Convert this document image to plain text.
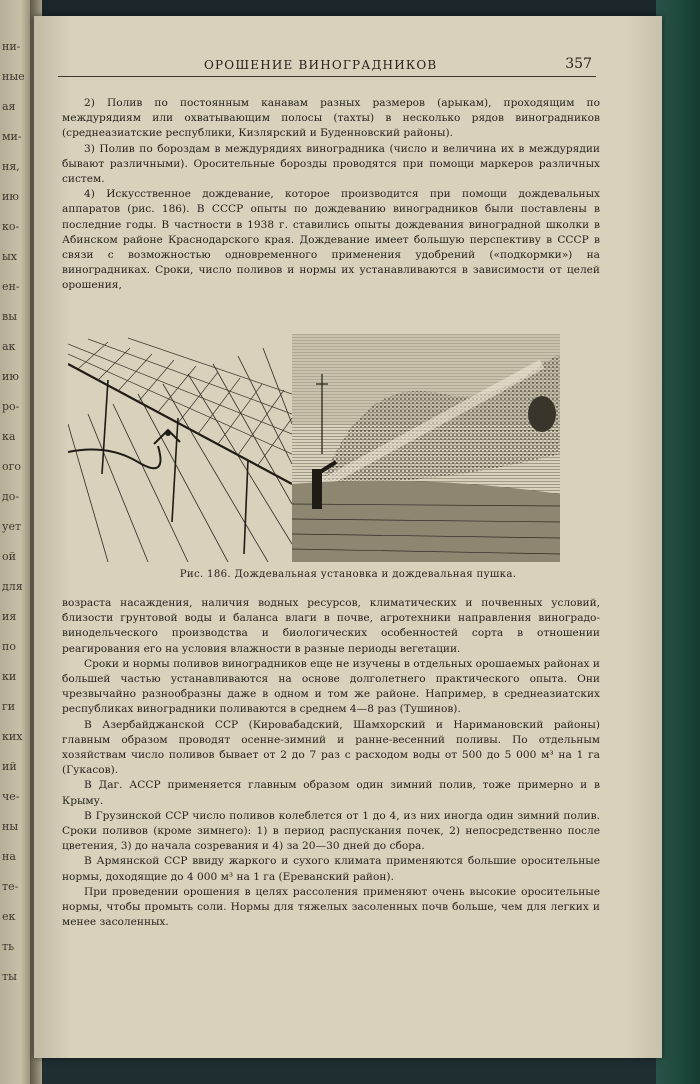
ни-
ные
ая
ми-
ня,
ию
ко-
ых
ен-
вы
ак
ию
ро-
ка
ого
до-
ует
ой
для
ия
по
ки
ги
ких
ий
че-
ны
на
те-
ек
ть
ты
ОРОШЕНИЕ ВИНОГРАДНИКОВ	357

2) Полив по постоянным канавам разных размеров (арыкам), проходящим по междурядиям или охватывающим полосы (тахты) в несколько рядов виноградников (среднеазиатские республики, Кизлярский и Буденновский районы).

3) Полив по бороздам в междурядиях виноградника (число и величина их в междурядии бывают различными). Оросительные борозды проводятся при помощи маркеров различных систем.

4) Искусственное дождевание, которое производится при помощи дождевальных аппаратов (рис. 186). В СССР опыты по дождеванию виноградников были поставлены в последние годы. В частности в 1938 г. ставились опыты дождевания виноградной школки в Абинском районе Краснодарского края. Дождевание имеет большую перспективу в СССР в связи с возможностью одновременного применения удобрений («подкормки») на виноградниках. Сроки, число поливов и нормы их устанавливаются в зависимости от целей орошения,

Рис. 186. Дождевальная установка и дождевальная пушка.

возраста насаждения, наличия водных ресурсов, климатических и почвенных условий, близости грунтовой воды и баланса влаги в почве, агротехники направления виноградо-винодельческого производства и биологических особенностей сорта в отношении реагирования его на условия влажности в разные периоды вегетации.

Сроки и нормы поливов виноградников еще не изучены в отдельных орошаемых районах и большей частью устанавливаются на основе долголетнего практического опыта. Они чрезвычайно разнообразны даже в одном и том же районе. Например, в среднеазиатских республиках виноградники поливаются в среднем 4—8 раз (Тушинов).

В Азербайджанской ССР (Кировабадский, Шамхорский и Наримановский районы) главным образом проводят осенне-зимний и ранне-весенний поливы. По отдельным хозяйствам число поливов бывает от 2 до 7 раз с расходом воды от 500 до 5 000 м³ на 1 га (Гукасов).

В Даг. АССР применяется главным образом один зимний полив, тоже примерно и в Крыму.

В Грузинской ССР число поливов колеблется от 1 до 4, из них иногда один зимний полив. Сроки поливов (кроме зимнего): 1) в период распускания почек, 2) непосредственно после цветения, 3) до начала созревания и 4) за 20—30 дней до сбора.

В Армянской ССР ввиду жаркого и сухого климата применяются большие оросительные нормы, доходящие до 4 000 м³ на 1 га (Ереванский район).

При проведении орошения в целях рассоления применяют очень высокие оросительные нормы, чтобы промыть соли. Нормы для тяжелых засоленных почв больше, чем для легких и менее засоленных.
